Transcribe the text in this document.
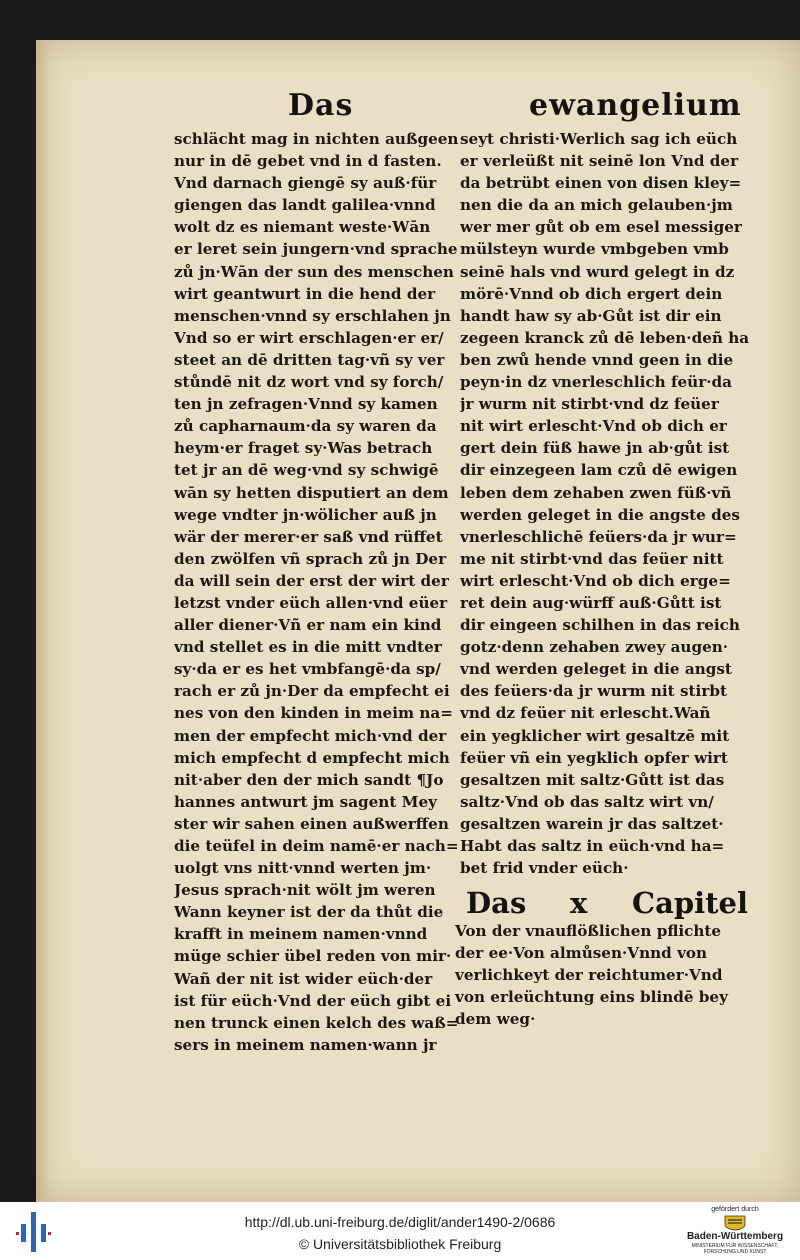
Das	ewangelium
schlächt mag in nichten außgeen
nur in dē gebet vnd in d fasten.
Vnd darnach giengē sy auß·für
giengen das landt galilea·vnnd
wolt dz es niemant weste·Wān
er leret sein jungern·vnd sprache
zů jn·Wān der sun des menschen
wirt geantwurt in die hend der
menschen·vnnd sy erschlahen jn
Vnd so er wirt erschlagen·er er/
steet an dē dritten tag·vñ sy ver
stůndē nit dz wort vnd sy forch/
ten jn zefragen·Vnnd sy kamen
zů capharnaum·da sy waren da
heym·er fraget sy·Was betrach
tet jr an dē weg·vnd sy schwigē
wān sy hetten disputiert an dem
wege vndter jn·wölicher auß jn
wär der merer·er saß vnd rüffet
den zwölfen vñ sprach zů jn Der
da will sein der erst der wirt der
letzst vnder eüch allen·vnd eüer
aller diener·Vñ er nam ein kind
vnd stellet es in die mitt vndter
sy·da er es het vmbfangē·da sp/
rach er zů jn·Der da empfecht ei
nes von den kinden in meim na=
men der empfecht mich·vnd der
mich empfecht d empfecht mich
nit·aber den der mich sandt ¶Jo
hannes antwurt jm sagent Mey
ster wir sahen einen außwerffen
die teüfel in deim namē·er nach=
uolgt vns nitt·vnnd werten jm·
Jesus sprach·nit wölt jm weren
Wann keyner ist der da thůt die
krafft in meinem namen·vnnd
müge schier übel reden von mir·
Wañ der nit ist wider eüch·der
ist für eüch·Vnd der eüch gibt ei
nen trunck einen kelch des waß=
sers in meinem namen·wann jr
seyt christi·Werlich sag ich eüch
er verleüßt nit seinē lon Vnd der
da betrübt einen von disen kley=
nen die da an mich gelauben·jm
wer mer gůt ob em esel messiger
mülsteyn wurde vmbgeben vmb
seinē hals vnd wurd gelegt in dz
mörē·Vnnd ob dich ergert dein
handt haw sy ab·Gůt ist dir ein
zegeen kranck zů dē leben·deñ ha
ben zwů hende vnnd geen in die
peyn·in dz vnerleschlich feür·da
jr wurm nit stirbt·vnd dz feüer
nit wirt erlescht·Vnd ob dich er
gert dein füß hawe jn ab·gůt ist
dir einzegeen lam czů dē ewigen
leben dem zehaben zwen füß·vñ
werden geleget in die angste des
vnerleschlichē feüers·da jr wur=
me nit stirbt·vnd das feüer nitt
wirt erlescht·Vnd ob dich erge=
ret dein aug·würff auß·Gůtt ist
dir eingeen schilhen in das reich
gotz·denn zehaben zwey augen·
vnd werden geleget in die angst
des feüers·da jr wurm nit stirbt
vnd dz feüer nit erlescht.Wañ
ein yegklicher wirt gesaltzē mit
feüer vñ ein yegklich opfer wirt
gesaltzen mit saltz·Gůtt ist das
saltz·Vnd ob das saltz wirt vn/
gesaltzen warein jr das saltzet·
Habt das saltz in eüch·vnd ha=
bet frid vnder eüch·
Das x Capitel
Von der vnauflößlichen pflichte
der ee·Von almůsen·Vnnd von
verlichkeyt der reichtumer·Vnd
von erleüchtung eins blindē bey
dem weg·
http://dl.ub.uni-freiburg.de/diglit/ander1490-2/0686
© Universitätsbibliothek Freiburg
gefördert durch
Baden-Württemberg
MINISTERIUM FÜR WISSENSCHAFT, FORSCHUNG UND KUNST
